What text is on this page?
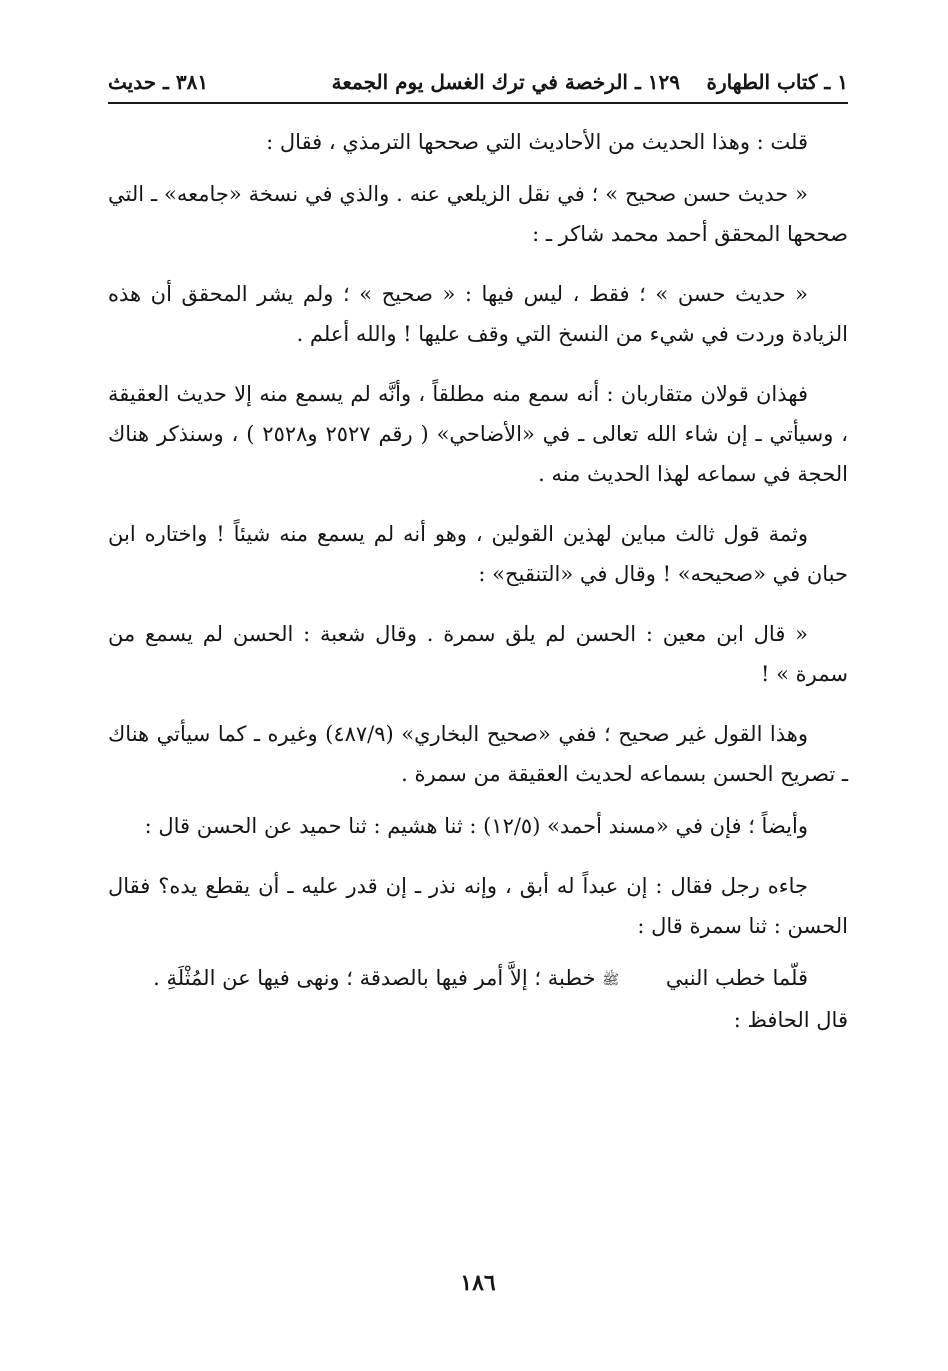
١ ـ كتاب الطهارة
١٢٩ ـ الرخصة في ترك الغسل يوم الجمعة
٣٨١ ـ حديث

قلت : وهذا الحديث من الأحاديث التي صححها الترمذي ، فقال :

« حديث حسن صحيح » ؛ في نقل الزيلعي عنه . والذي في نسخة «جامعه» ـ التي صححها المحقق أحمد محمد شاكر ـ :

« حديث حسن » ؛ فقط ، ليس فيها : « صحيح » ؛ ولم يشر المحقق أن هذه الزيادة وردت في شيء من النسخ التي وقف عليها ! والله أعلم .

فهذان قولان متقاربان : أنه سمع منه مطلقاً ، وأنَّه لم يسمع منه إلا حديث العقيقة ، وسيأتي ـ إن شاء الله تعالى ـ في «الأضاحي» ( رقم ٢٥٢٧ و٢٥٢٨ ) ، وسنذكر هناك الحجة في سماعه لهذا الحديث منه .

وثمة قول ثالث مباين لهذين القولين ، وهو أنه لم يسمع منه شيئاً ! واختاره ابن حبان في «صحيحه» ! وقال في «التنقيح» :

« قال ابن معين : الحسن لم يلق سمرة . وقال شعبة : الحسن لم يسمع من سمرة » !

وهذا القول غير صحيح ؛ ففي «صحيح البخاري» (٤٨٧/٩) وغيره ـ كما سيأتي هناك ـ تصريح الحسن بسماعه لحديث العقيقة من سمرة .

وأيضاً ؛ فإن في «مسند أحمد» (١٢/٥) : ثنا هشيم : ثنا حميد عن الحسن قال :

جاءه رجل فقال : إن عبداً له أبق ، وإنه نذر ـ إن قدر عليه ـ أن يقطع يده؟ فقال الحسن : ثنا سمرة قال :

قلّما خطب النبي ﷺ خطبة ؛ إلاَّ أمر فيها بالصدقة ؛ ونهى فيها عن المُثْلَةِ .
قال الحافظ :

١٨٦
